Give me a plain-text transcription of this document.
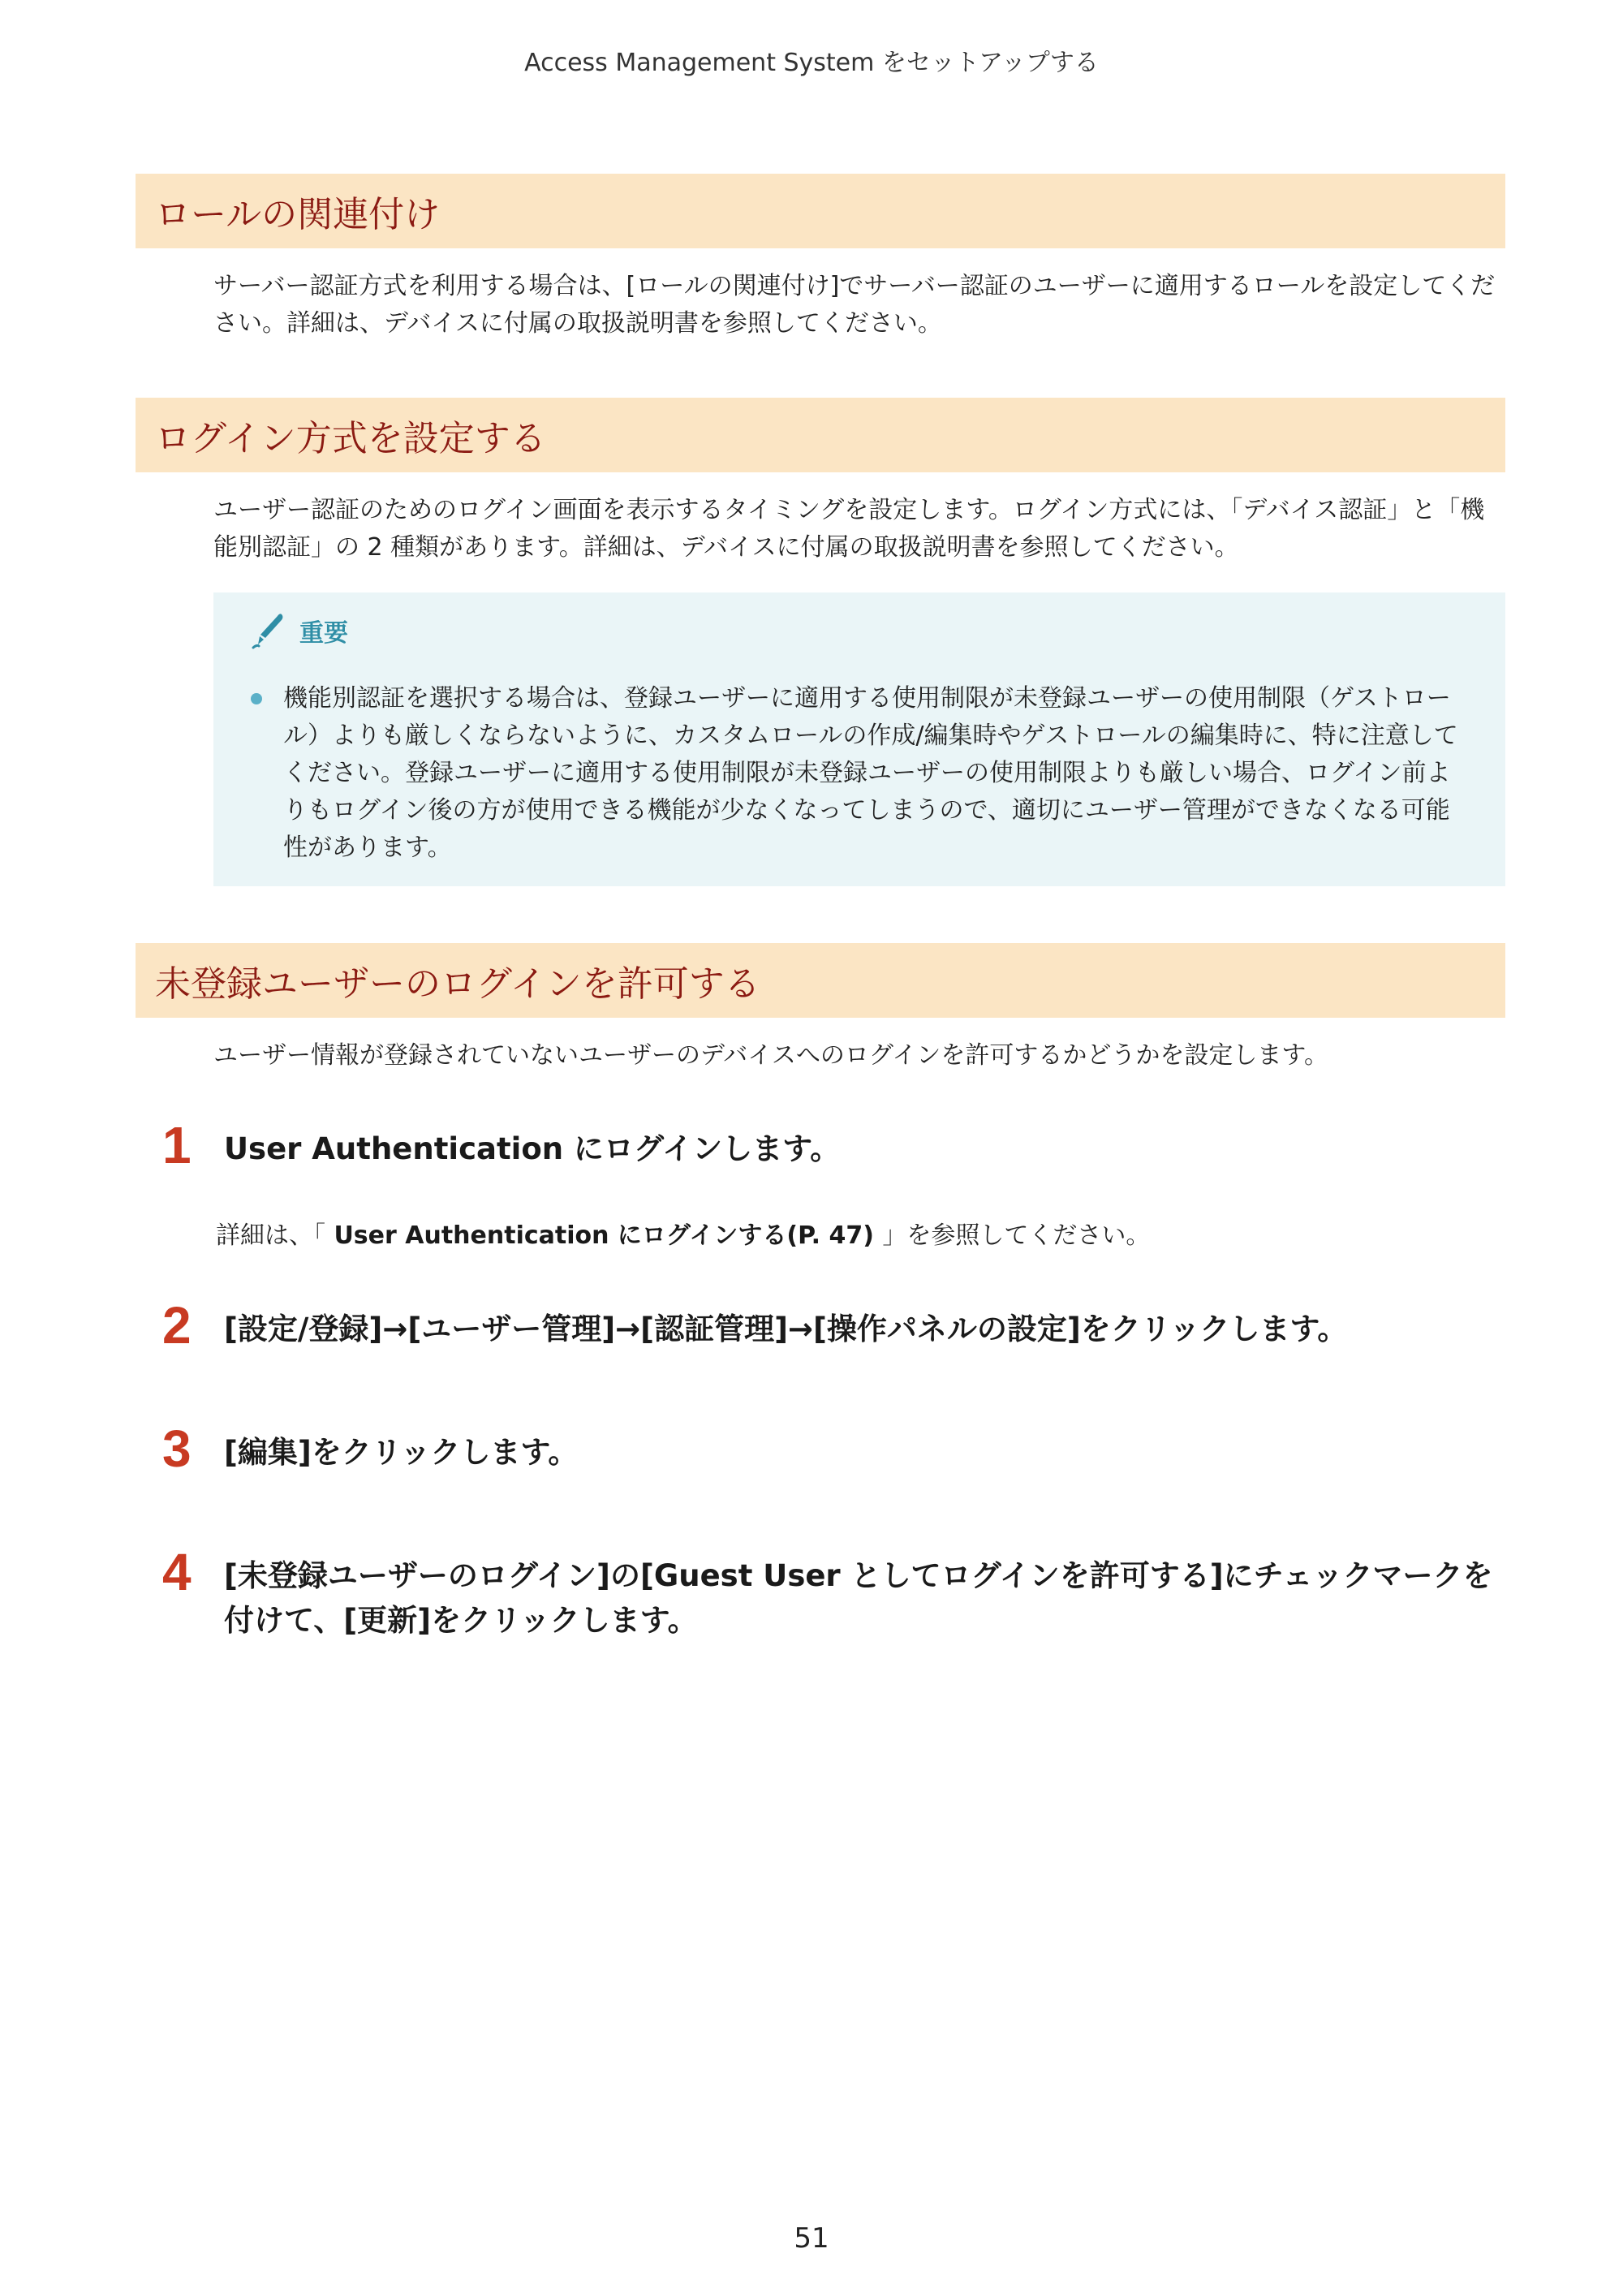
Access Management System をセットアップする
ロールの関連付け
サーバー認証方式を利用する場合は、[ロールの関連付け]でサーバー認証のユーザーに適用するロールを設定してください。詳細は、デバイスに付属の取扱説明書を参照してください。
ログイン方式を設定する
ユーザー認証のためのログイン画面を表示するタイミングを設定します。ログイン方式には、「デバイス認証」と「機能別認証」の 2 種類があります。詳細は、デバイスに付属の取扱説明書を参照してください。
重要
機能別認証を選択する場合は、登録ユーザーに適用する使用制限が未登録ユーザーの使用制限（ゲストロール）よりも厳しくならないように、カスタムロールの作成/編集時やゲストロールの編集時に、特に注意してください。登録ユーザーに適用する使用制限が未登録ユーザーの使用制限よりも厳しい場合、ログイン前よりもログイン後の方が使用できる機能が少なくなってしまうので、適切にユーザー管理ができなくなる可能性があります。
未登録ユーザーのログインを許可する
ユーザー情報が登録されていないユーザーのデバイスへのログインを許可するかどうかを設定します。
1	User Authentication にログインします。
詳細は、「 User Authentication にログインする(P. 47) 」を参照してください。
2	[設定/登録]→[ユーザー管理]→[認証管理]→[操作パネルの設定]をクリックします。
3	[編集]をクリックします。
4	[未登録ユーザーのログイン]の[Guest User としてログインを許可する]にチェックマークを付けて、[更新]をクリックします。
51
